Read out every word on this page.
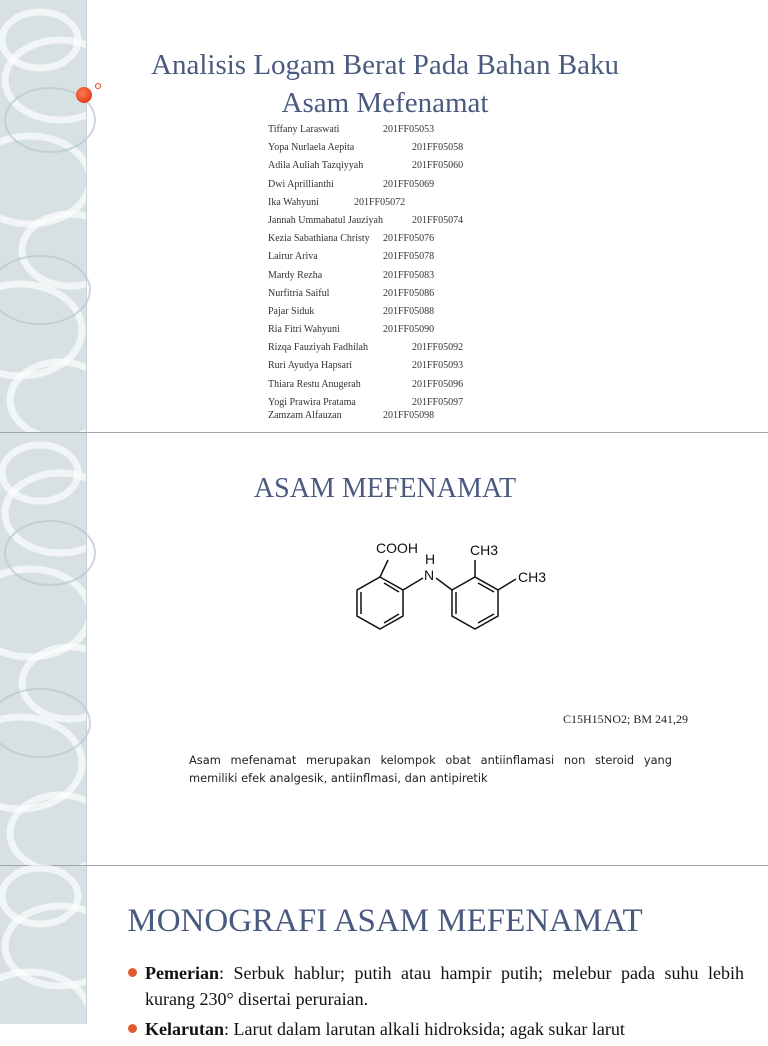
Analisis Logam Berat Pada Bahan Baku
Asam Mefenamat
Tiffany Laraswati	201FF05053
Yopa Nurlaela Aepita	201FF05058
Adila Auliah Tazqiyyah	201FF05060
Dwi Aprillianthi	201FF05069
Ika Wahyuni	201FF05072
Jannah Ummahatul Jauziyah	201FF05074
Kezia Sabathiana Christy 201FF05076
Lairur Ariva	201FF05078
Mardy Rezha	201FF05083
Nurfitria Saiful	201FF05086
Pajar Siduk	201FF05088
Ria Fitri Wahyuni	201FF05090
Rizqa Fauziyah Fadhilah	201FF05092
Ruri Ayudya Hapsari	201FF05093
Thiara Restu Anugerah	201FF05096
Yogi Prawira Pratama	201FF05097
Zamzam Alfauzan	201FF05098
ASAM MEFENAMAT
COOH
H
N
CH3
CH3
C15H15NO2; BM 241,29
Asam mefenamat merupakan kelompok obat antiinflamasi non steroid yang memiliki efek analgesik, antiinflmasi, dan antipiretik
MONOGRAFI ASAM MEFENAMAT
Pemerian: Serbuk hablur; putih atau hampir putih; melebur pada suhu lebih kurang 230° disertai peruraian.
Kelarutan: Larut dalam larutan alkali hidroksida; agak sukar larut
